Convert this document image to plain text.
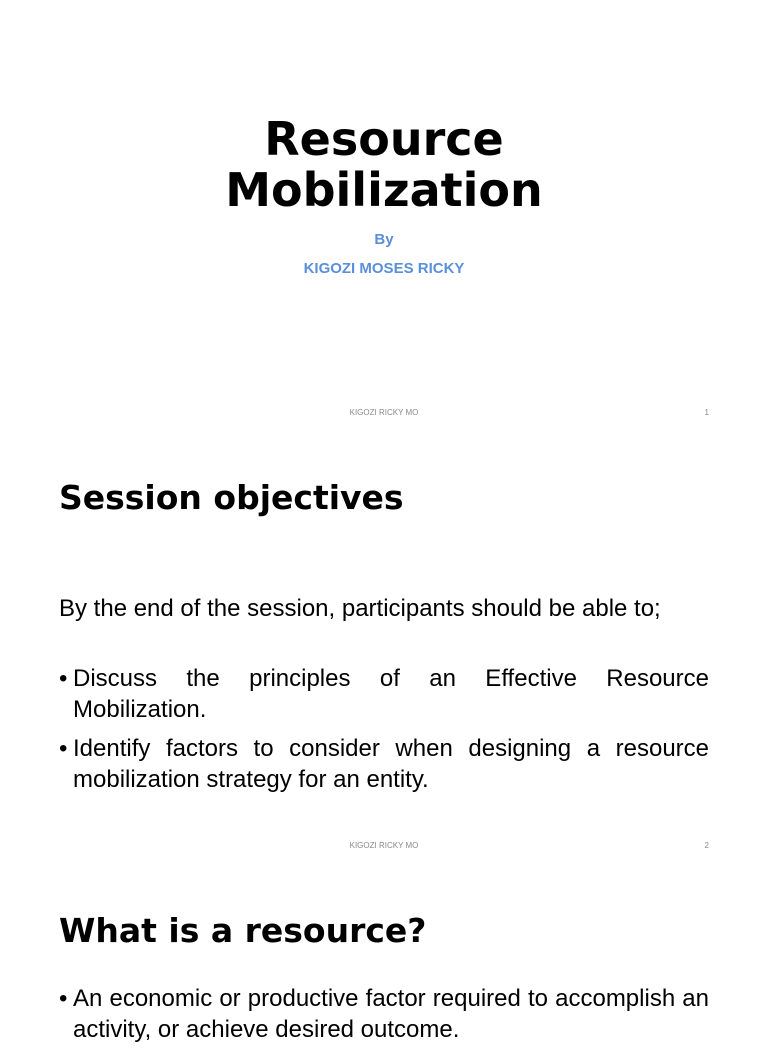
Resource
Mobilization

By

KIGOZI MOSES RICKY

KIGOZI RICKY MO	1
Session objectives

By the end of the session, participants should be able to;

• Discuss the principles of an Effective Resource Mobilization.
• Identify factors to consider when designing a resource mobilization strategy for an entity.
KIGOZI RICKY MO	2
What is a resource?
• An economic or productive factor required to accomplish an activity, or achieve desired outcome.
